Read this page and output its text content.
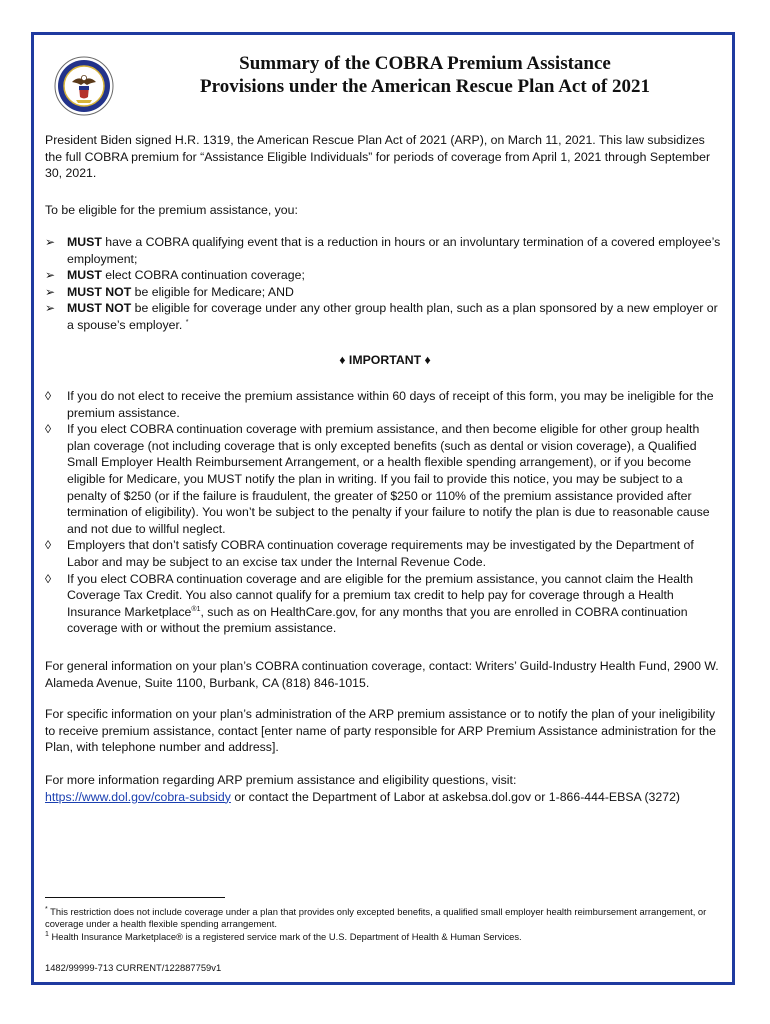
Summary of the COBRA Premium Assistance
Provisions under the American Rescue Plan Act of 2021

President Biden signed H.R. 1319, the American Rescue Plan Act of 2021 (ARP), on March 11, 2021. This law subsidizes the full COBRA premium for “Assistance Eligible Individuals” for periods of coverage from April 1, 2021 through September 30, 2021.

To be eligible for the premium assistance, you:

➢ MUST have a COBRA qualifying event that is a reduction in hours or an involuntary termination of a covered employee’s employment;
➢ MUST elect COBRA continuation coverage;
➢ MUST NOT be eligible for Medicare; AND
➢ MUST NOT be eligible for coverage under any other group health plan, such as a plan sponsored by a new employer or a spouse’s employer. *
♦ IMPORTANT ♦
◊ If you do not elect to receive the premium assistance within 60 days of receipt of this form, you may be ineligible for the premium assistance.
◊ If you elect COBRA continuation coverage with premium assistance, and then become eligible for other group health plan coverage (not including coverage that is only excepted benefits (such as dental or vision coverage), a Qualified Small Employer Health Reimbursement Arrangement, or a health flexible spending arrangement), or if you become eligible for Medicare, you MUST notify the plan in writing. If you fail to provide this notice, you may be subject to a penalty of $250 (or if the failure is fraudulent, the greater of $250 or 110% of the premium assistance provided after termination of eligibility). You won’t be subject to the penalty if your failure to notify the plan is due to reasonable cause and not due to willful neglect.
◊ Employers that don’t satisfy COBRA continuation coverage requirements may be investigated by the Department of Labor and may be subject to an excise tax under the Internal Revenue Code.
◊ If you elect COBRA continuation coverage and are eligible for the premium assistance, you cannot claim the Health Coverage Tax Credit. You also cannot qualify for a premium tax credit to help pay for coverage through a Health Insurance Marketplace$^{®1}$, such as on HealthCare.gov, for any months that you are enrolled in COBRA continuation coverage with or without the premium assistance.

For general information on your plan’s COBRA continuation coverage, contact: Writers’ Guild-Industry Health Fund, 2900 W. Alameda Avenue, Suite 1100, Burbank, CA (818) 846-1015.

For specific information on your plan’s administration of the ARP premium assistance or to notify the plan of your ineligibility to receive premium assistance, contact [enter name of party responsible for ARP Premium Assistance administration for the Plan, with telephone number and address].

For more information regarding ARP premium assistance and eligibility questions, visit:
https://www.dol.gov/cobra-subsidy or contact the Department of Labor at askebsa.dol.gov or 1-866-444-EBSA (3272)

* This restriction does not include coverage under a plan that provides only excepted benefits, a qualified small employer health reimbursement arrangement, or coverage under a health flexible spending arrangement.

$^1$ Health Insurance Marketplace® is a registered service mark of the U.S. Department of Health & Human Services.

1482/99999-713 CURRENT/122887759v1
